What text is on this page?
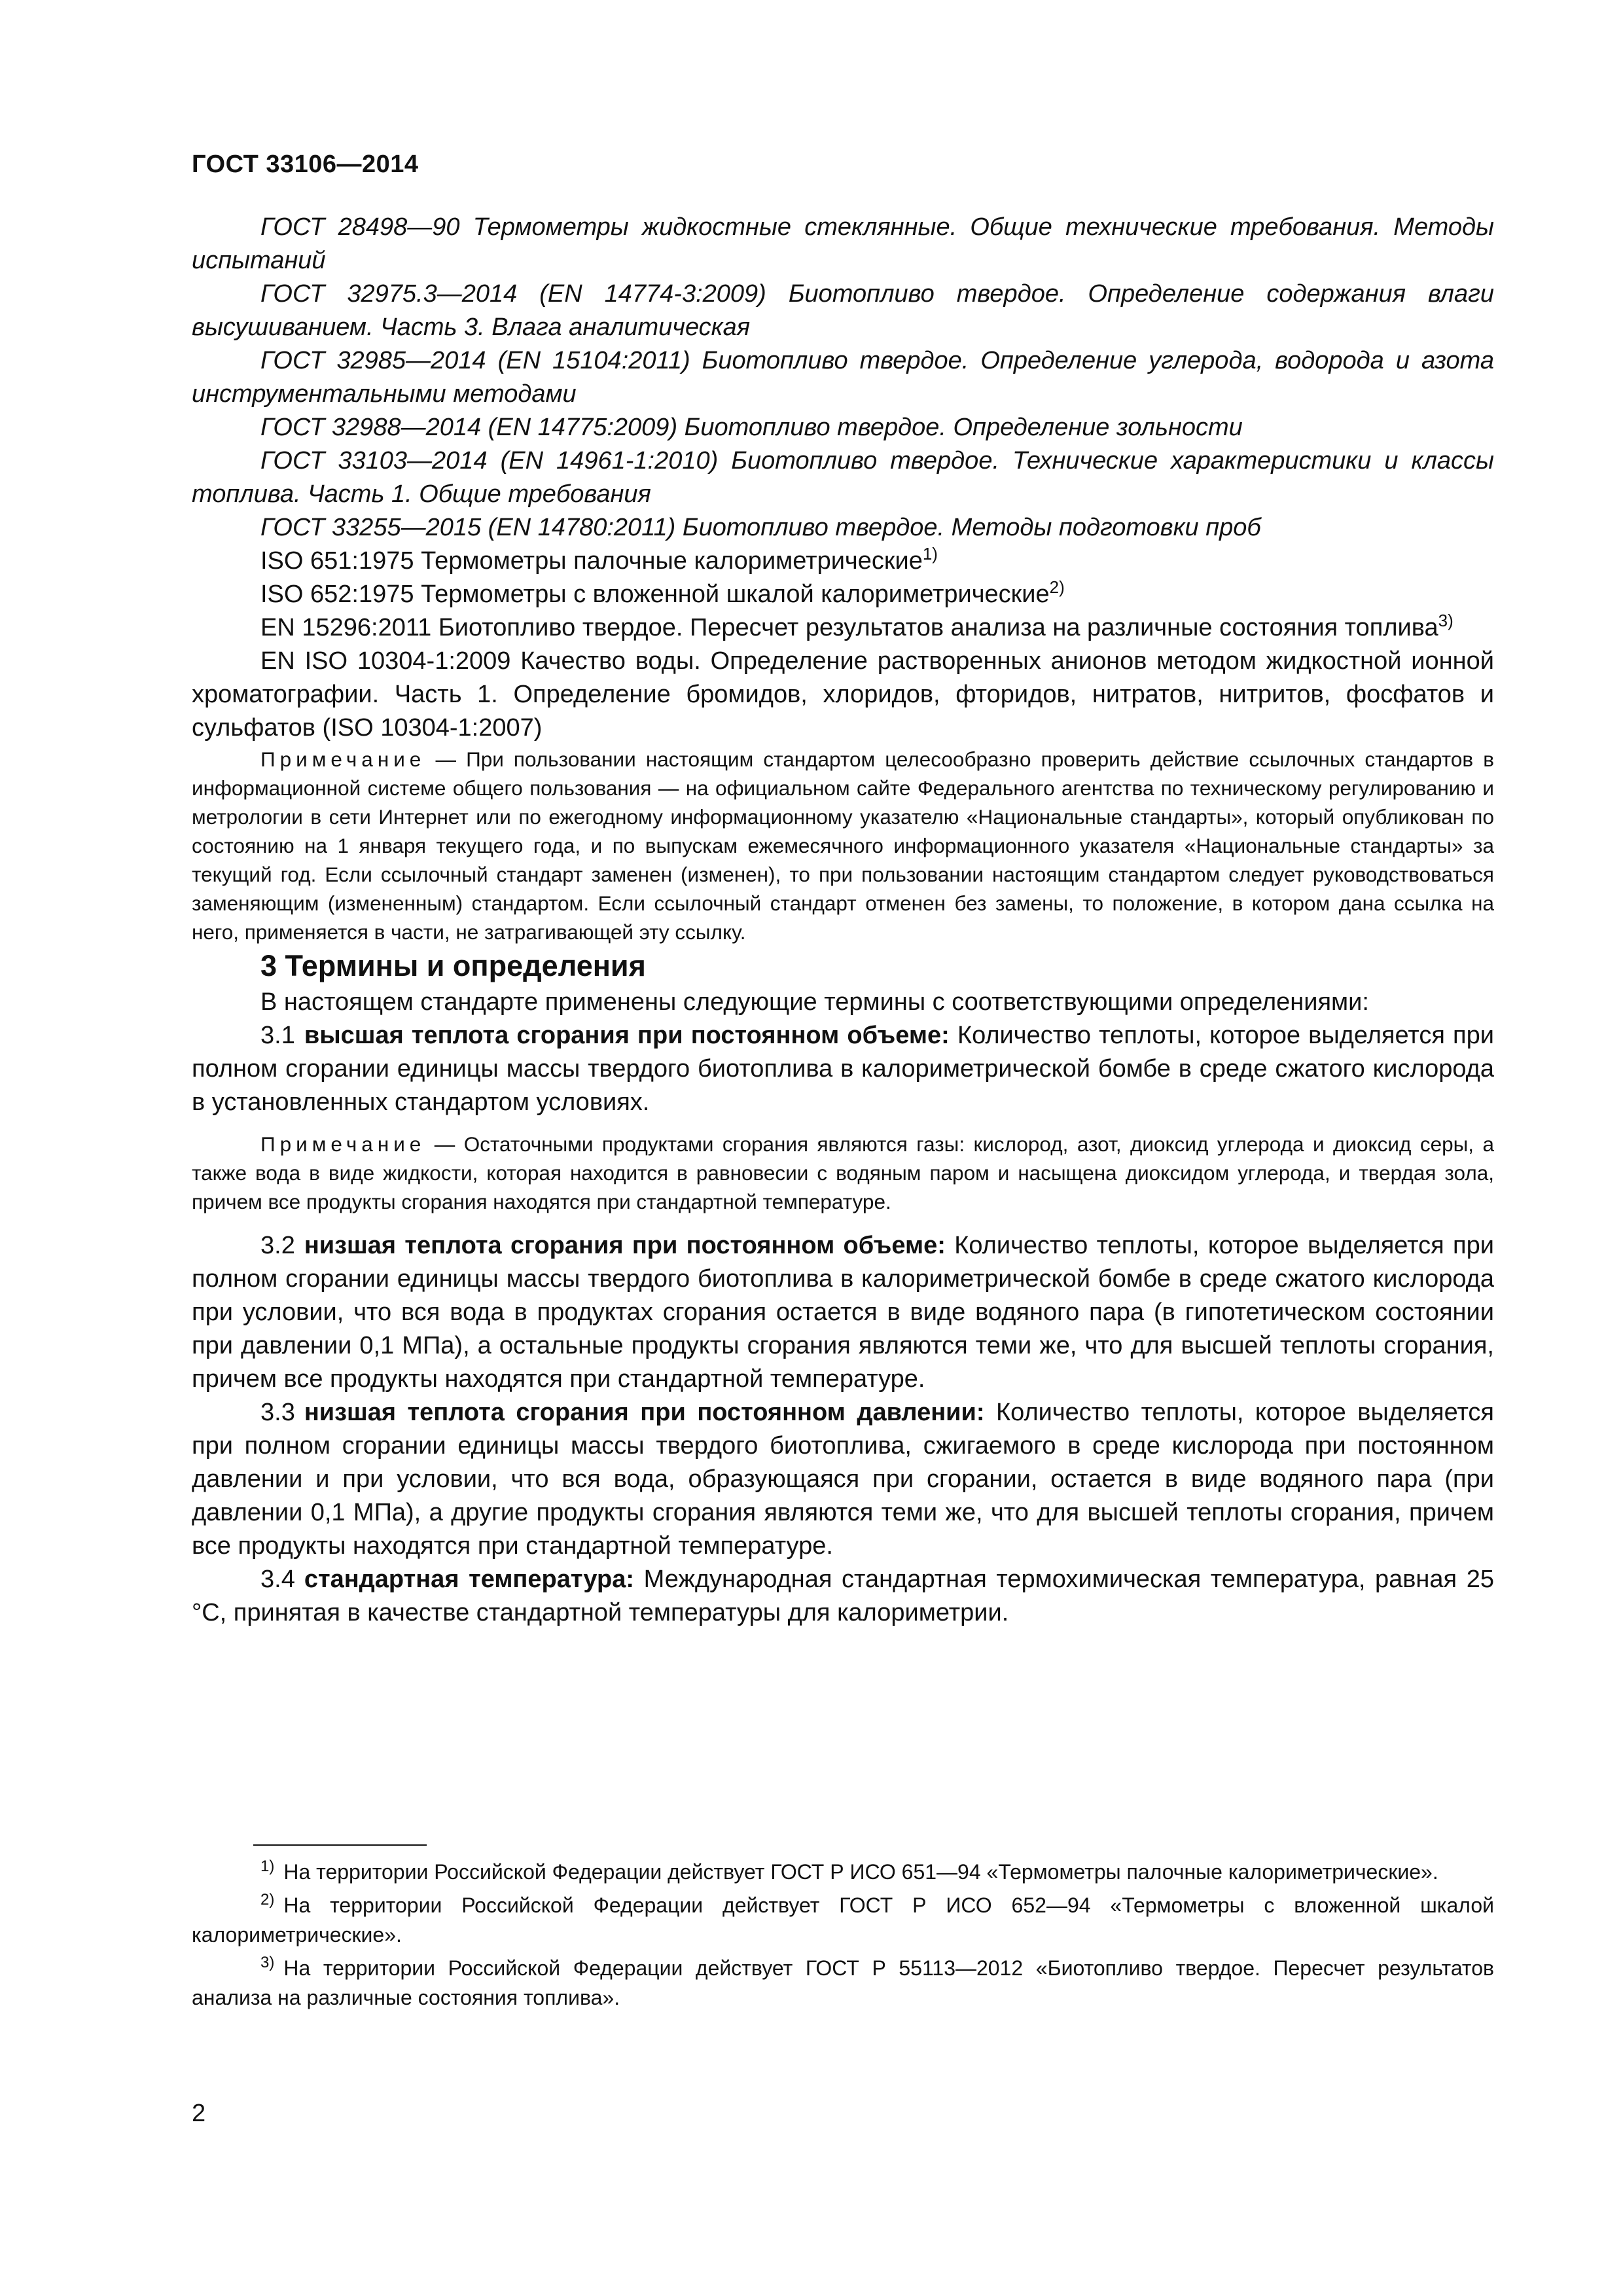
ГОСТ 33106—2014

ГОСТ 28498—90 Термометры жидкостные стеклянные. Общие технические требования. Методы испытаний

ГОСТ 32975.3—2014 (EN 14774-3:2009) Биотопливо твердое. Определение содержания влаги высушиванием. Часть 3. Влага аналитическая

ГОСТ 32985—2014 (EN 15104:2011) Биотопливо твердое. Определение углерода, водорода и азота инструментальными методами

ГОСТ 32988—2014 (EN 14775:2009) Биотопливо твердое. Определение зольности

ГОСТ 33103—2014 (EN 14961-1:2010) Биотопливо твердое. Технические характеристики и классы топлива. Часть 1. Общие требования

ГОСТ 33255—2015 (EN 14780:2011) Биотопливо твердое. Методы подготовки проб

ISO 651:1975 Термометры палочные калориметрические$^{1)}$

ISO 652:1975 Термометры с вложенной шкалой калориметрические$^{2)}$

EN 15296:2011 Биотопливо твердое. Пересчет результатов анализа на различные состояния топлива$^{3)}$

EN ISO 10304-1:2009 Качество воды. Определение растворенных анионов методом жидкостной ионной хроматографии. Часть 1. Определение бромидов, хлоридов, фторидов, нитратов, нитритов, фосфатов и сульфатов (ISO 10304-1:2007)

Примечание — При пользовании настоящим стандартом целесообразно проверить действие ссылочных стандартов в информационной системе общего пользования — на официальном сайте Федерального агентства по техническому регулированию и метрологии в сети Интернет или по ежегодному информационному указателю «Национальные стандарты», который опубликован по состоянию на 1 января текущего года, и по выпускам ежемесячного информационного указателя «Национальные стандарты» за текущий год. Если ссылочный стандарт заменен (изменен), то при пользовании настоящим стандартом следует руководствоваться заменяющим (измененным) стандартом. Если ссылочный стандарт отменен без замены, то положение, в котором дана ссылка на него, применяется в части, не затрагивающей эту ссылку.

3 Термины и определения

В настоящем стандарте применены следующие термины с соответствующими определениями:

3.1 высшая теплота сгорания при постоянном объеме: Количество теплоты, которое выделяется при полном сгорании единицы массы твердого биотоплива в калориметрической бомбе в среде сжатого кислорода в установленных стандартом условиях.

Примечание — Остаточными продуктами сгорания являются газы: кислород, азот, диоксид углерода и диоксид серы, а также вода в виде жидкости, которая находится в равновесии с водяным паром и насыщена диоксидом углерода, и твердая зола, причем все продукты сгорания находятся при стандартной температуре.

3.2 низшая теплота сгорания при постоянном объеме: Количество теплоты, которое выделяется при полном сгорании единицы массы твердого биотоплива в калориметрической бомбе в среде сжатого кислорода при условии, что вся вода в продуктах сгорания остается в виде водяного пара (в гипотетическом состоянии при давлении 0,1 МПа), а остальные продукты сгорания являются теми же, что для высшей теплоты сгорания, причем все продукты находятся при стандартной температуре.

3.3 низшая теплота сгорания при постоянном давлении: Количество теплоты, которое выделяется при полном сгорании единицы массы твердого биотоплива, сжигаемого в среде кислорода при постоянном давлении и при условии, что вся вода, образующаяся при сгорании, остается в виде водяного пара (при давлении 0,1 МПа), а другие продукты сгорания являются теми же, что для высшей теплоты сгорания, причем все продукты находятся при стандартной температуре.

3.4 стандартная температура: Международная стандартная термохимическая температура, равная 25 °С, принятая в качестве стандартной температуры для калориметрии.

$^{1)}$ На территории Российской Федерации действует ГОСТ Р ИСО 651—94 «Термометры палочные калориметрические».

$^{2)}$ На территории Российской Федерации действует ГОСТ Р ИСО 652—94 «Термометры с вложенной шкалой калориметрические».

$^{3)}$ На территории Российской Федерации действует ГОСТ Р 55113—2012 «Биотопливо твердое. Пересчет результатов анализа на различные состояния топлива».

2
